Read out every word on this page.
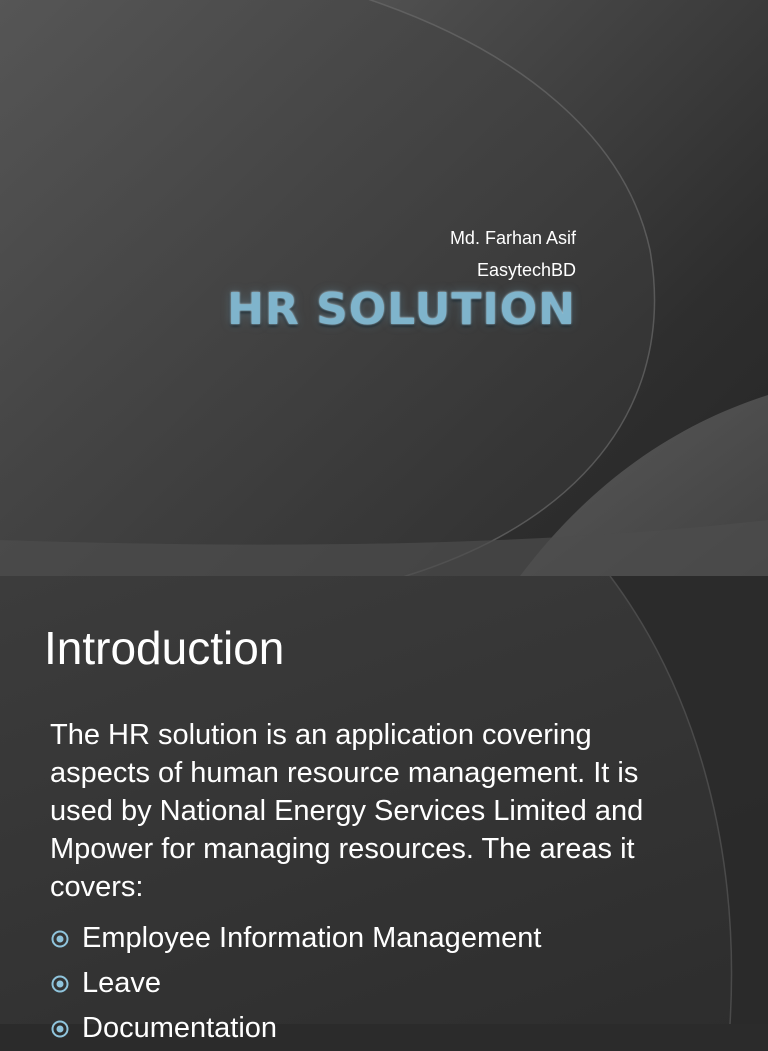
Md. Farhan Asif
EasytechBD
HR SOLUTION
Introduction

The HR solution is an application covering aspects of human resource management. It is used by National Energy Services Limited and Mpower for managing resources. The areas it covers:

Employee Information Management
Leave
Documentation
